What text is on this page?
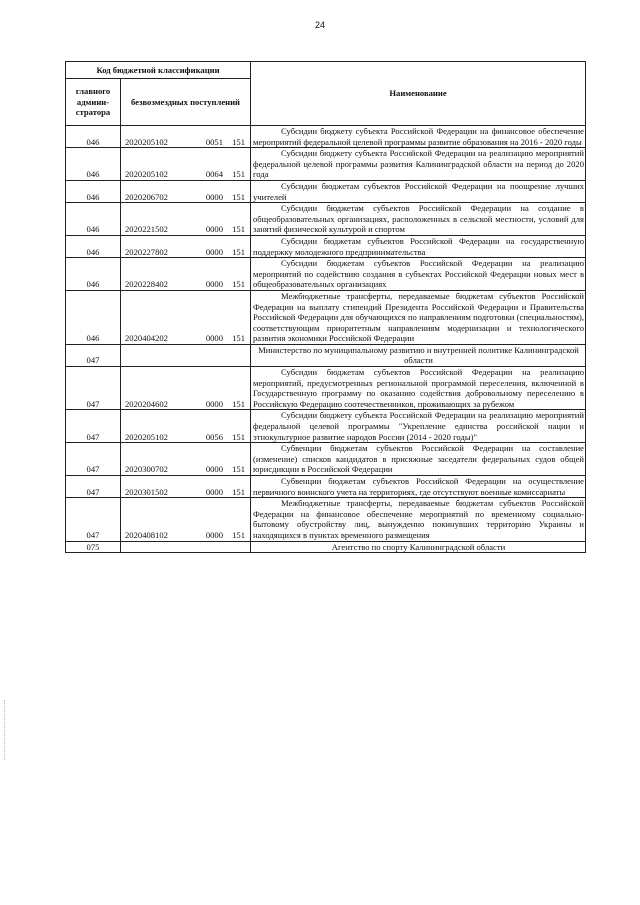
24
Код бюджетной классификации		Наименование
главного админи-стратора	безвозмездных поступлений	
046	2020205102 0051 151	Субсидии бюджету субъекта Российской Федерации на финансовое обеспечение мероприятий федеральной целевой программы развитие образования на 2016 - 2020 годы
046	2020205102 0064 151	Субсидии бюджету субъекта Российской Федерации на реализацию мероприятий федеральной целевой программы развития Калининградской области на период до 2020 года
046	2020206702 0000 151	Субсидии бюджетам субъектов Российской Федерации на поощрение лучших учителей
046	2020221502 0000 151	Субсидии бюджетам субъектов Российской Федерации на создание в общеобразовательных организациях, расположенных в сельской местности, условий для занятий физической культурой и спортом
046	2020227802 0000 151	Субсидии бюджетам субъектов Российской Федерации на государственную поддержку молодежного предпринимательства
046	2020228402 0000 151	Субсидии бюджетам субъектов Российской Федерации на реализацию мероприятий по содействию создания в субъектах Российской Федерации новых мест в общеобразовательных организациях
046	2020404202 0000 151	Межбюджетные трансферты, передаваемые бюджетам субъектов Российской Федерации на выплату стипендий Президента Российской Федерации и Правительства Российской Федерации для обучающихся по направлениям подготовки (специальностям), соответствующим приоритетным направлениям модернизации и технологического развития экономики Российской Федерации
047		Министерство по муниципальному развитию и внутренней политике Калининградской области
047	2020204602 0000 151	Субсидии бюджетам субъектов Российской Федерации на реализацию мероприятий, предусмотренных региональной программой переселения, включенной в Государственную программу по оказанию содействия добровольному переселению в Российскую Федерацию соотечественников, проживающих за рубежом
047	2020205102 0056 151	Субсидии бюджету субъекта Российской Федерации на реализацию мероприятий федеральной целевой программы "Укрепление единства российской нации и этнокультурное развитие народов России (2014 - 2020 годы)"
047	2020300702 0000 151	Субвенции бюджетам субъектов Российской Федерации на составление (изменение) списков кандидатов в присяжные заседатели федеральных судов общей юрисдикции в Российской Федерации
047	2020301502 0000 151	Субвенции бюджетам субъектов Российской Федерации на осуществление первичного воинского учета на территориях, где отсутствуют военные комиссариаты
047	2020408102 0000 151	Межбюджетные трансферты, передаваемые бюджетам субъектов Российской Федерации на финансовое обеспечение мероприятий по временному социально-бытовому обустройству лиц, вынужденно покинувших территорию Украины и находящихся в пунктах временного размещения
075		Агентство по спорту Калининградской области
